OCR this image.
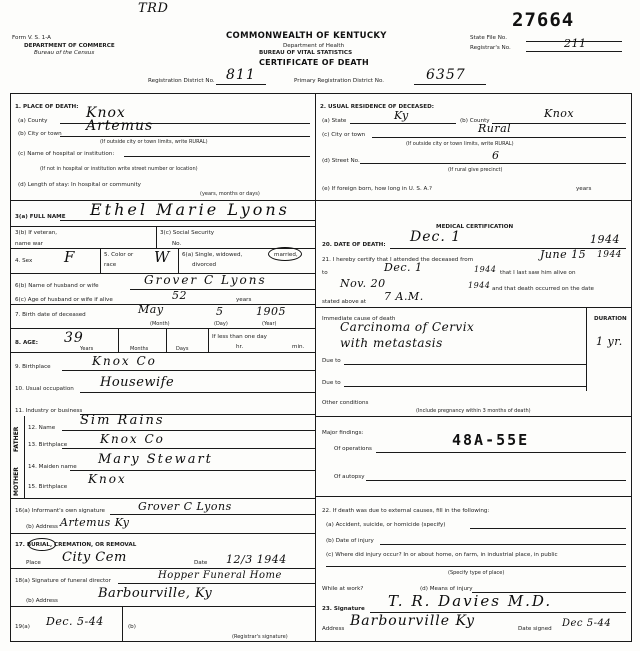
TRD
Form V. S. 1-A
DEPARTMENT OF COMMERCE
Bureau of the Census
COMMONWEALTH OF KENTUCKY
Department of Health
BUREAU OF VITAL STATISTICS
CERTIFICATE OF DEATH
27664
State File No.
Registrar's No.	211
Registration District No. 811	Primary Registration District No.	6357
1. PLACE OF DEATH:
(a) County	Knox
(b) City or town Artemus
(If outside city or town limits, write RURAL)
(c) Name of hospital or institution:
(If not in hospital or institution write street number or location)
(d) Length of stay: In hospital or community
(years, months or days)
3(a) FULL NAME Ethel Marie Lyons
3(b) If veteran,
name war
3(c) Social Security
No.
4. Sex F	5. Color or
race	W 6(a) Single, widowed,
divorced
married,
6(b) Name of husband or wife	Grover C Lyons
6(c) Age of husband or wife if alive	52	years
7. Birth date of deceased	May	5	1905
(Month)	(Day)	(Year)
8. AGE: 39
Years	Months	Days
If less than one day
hr.	min.
9. Birthplace	Knox Co
10. Usual occupation Housewife
11. Industry or business
FATHER
MOTHER
12. Name Sim Rains
13. Birthplace	Knox Co
14. Maiden name Mary Stewart
15. Birthplace
Knox
16(a) Informant's own signature	Grover C Lyons
(b) Address Artemus Ky
17. BURIAL, CREMATION, OR REMOVAL
Place City Cem	Date 12/3 1944
18(a) Signature of funeral director	Hopper Funeral Home
(b) Address	Barbourville, Ky
19(a) Dec. 5-44	(b)
(Registrar's signature)
2. USUAL RESIDENCE OF DECEASED:
(a) State	Ky	(b) County
Knox
(c) City or town	Rural
(If outside city or town limits, write RURAL)
(d) Street No.	6
(If rural give precinct)
(e) If foreign born, how long in U. S. A.?	years
MEDICAL CERTIFICATION
20. DATE OF DEATH: Dec. 1	1944
21. I hereby certify that I attended the deceased from	June 15 1944
to	Dec. 1	1944 that I last saw him alive on
Nov. 20	1944 and that death occurred on the date
stated above at 7 A.M.
Immediate cause of death	DURATION
Carcinoma of Cervix
with metastasis	1 yr.
Due to
Due to
Other conditions
(Include pregnancy within 3 months of death)
Major findings:
Of operations	48A-55E
Of autopsy
22. If death was due to external causes, fill in the following:
(a) Accident, suicide, or homicide (specify)
(b) Date of injury
(c) Where did injury occur? In or about home, on farm, in industrial place, in public
(Specify type of place)
While at work?	(d) Means of injury
23. Signature T. R. Davies M.D.
Address Barbourville Ky	Date signed Dec 5-44
